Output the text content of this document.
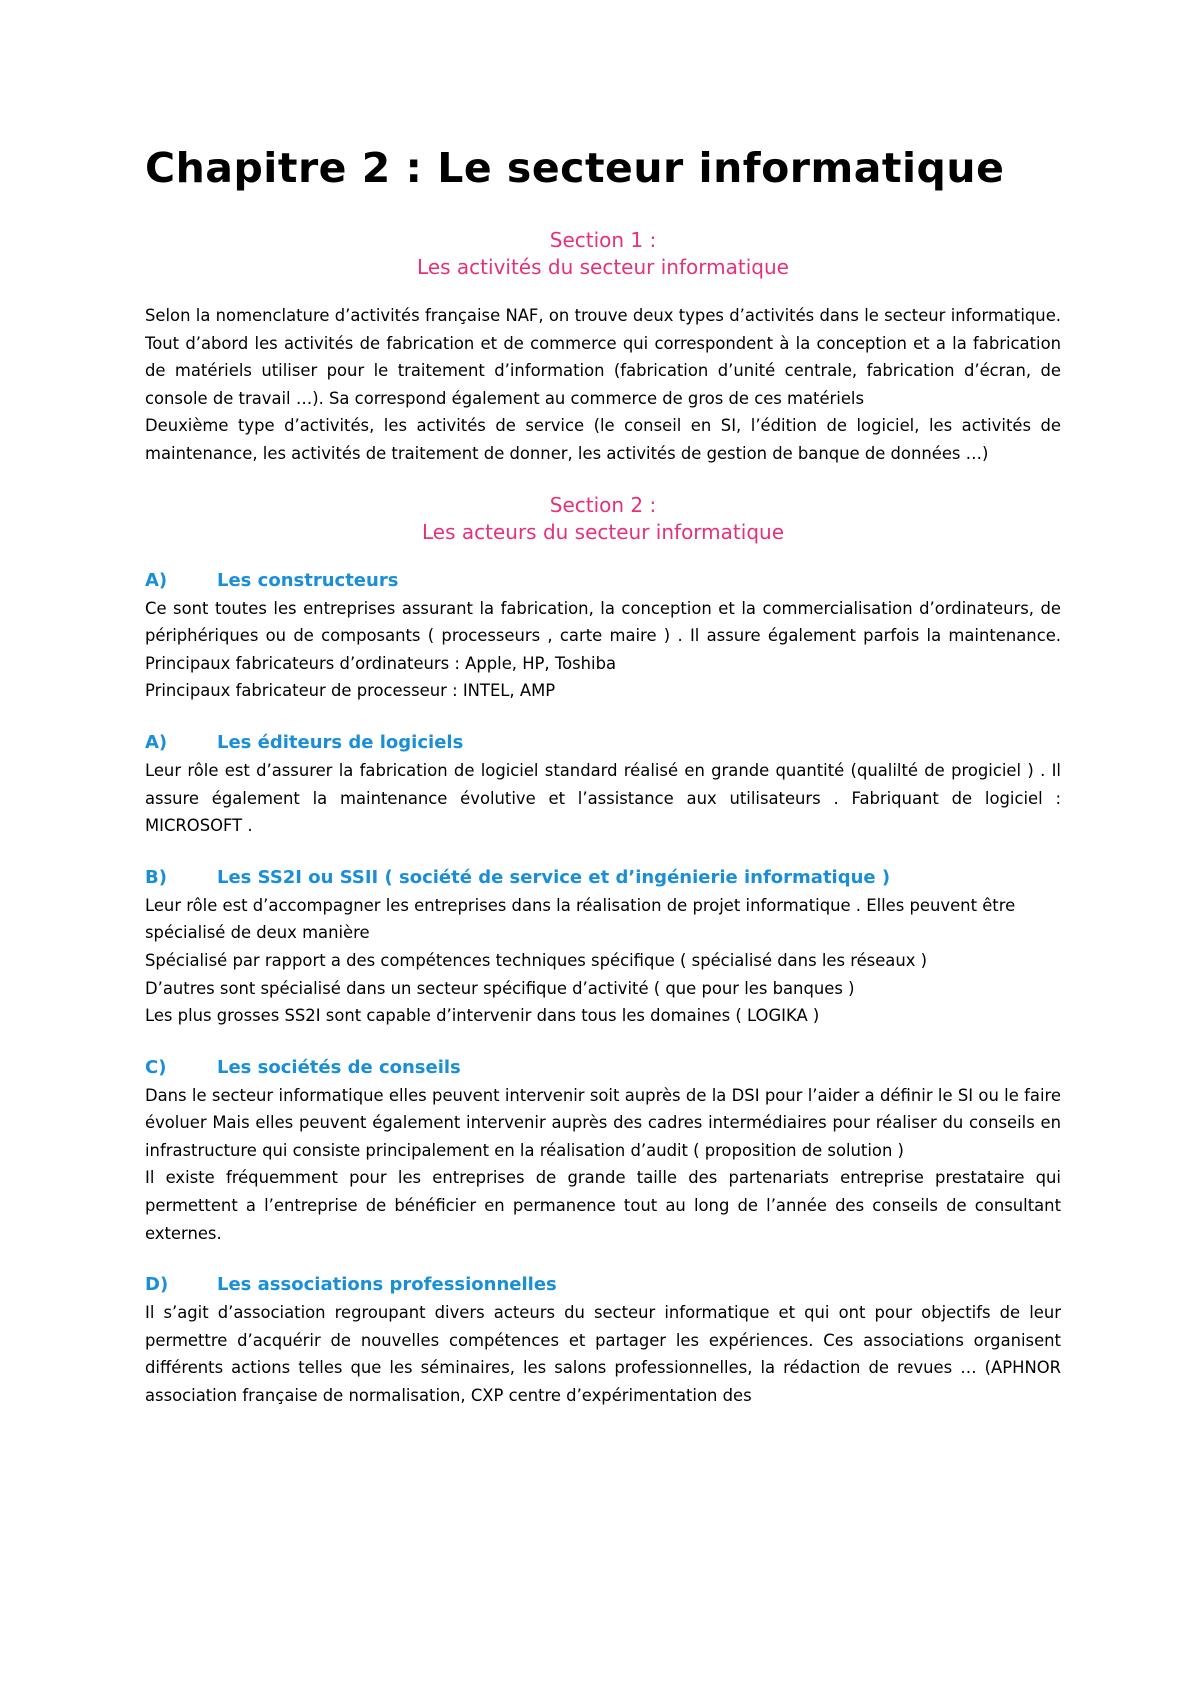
Chapitre 2 : Le secteur informatique
Section 1 :
Les activités du secteur informatique

Selon la nomenclature d’activités française NAF, on trouve deux types d’activités dans le secteur informatique. Tout d’abord les activités de fabrication et de commerce qui correspondent à la conception et a la fabrication de matériels utiliser pour le traitement d’information (fabrication d’unité centrale, fabrication d’écran, de console de travail …). Sa correspond également au commerce de gros de ces matériels

Deuxième type d’activités, les activités de service (le conseil en SI, l’édition de logiciel, les activités de maintenance, les activités de traitement de donner, les activités de gestion de banque de données …)

Section 2 :
Les acteurs du secteur informatique
A)	Les constructeurs

Ce sont toutes les entreprises assurant la fabrication, la conception et la commercialisation d’ordinateurs, de périphériques ou de composants ( processeurs , carte maire ) . Il assure également parfois la maintenance. Principaux fabricateurs d’ordinateurs : Apple, HP, Toshiba

Principaux fabricateur de processeur : INTEL, AMP

A)	Les éditeurs de logiciels

Leur rôle est d’assurer la fabrication de logiciel standard réalisé en grande quantité (qualilté de progiciel ) . Il assure également la maintenance évolutive et l’assistance aux utilisateurs . Fabriquant de logiciel : MICROSOFT .

B)	Les SS2I ou SSII ( société de service et d’ingénierie informatique )

Leur rôle est d’accompagner les entreprises dans la réalisation de projet informatique . Elles peuvent être spécialisé de deux manière

Spécialisé par rapport a des compétences techniques spécifique ( spécialisé dans les réseaux )

D’autres sont spécialisé dans un secteur spécifique d’activité ( que pour les banques )

Les plus grosses SS2I sont capable d’intervenir dans tous les domaines ( LOGIKA )

C)	Les sociétés de conseils

Dans le secteur informatique elles peuvent intervenir soit auprès de la DSI pour l’aider a définir le SI ou le faire évoluer Mais elles peuvent également intervenir auprès des cadres intermédiaires pour réaliser du conseils en infrastructure qui consiste principalement en la réalisation d’audit ( proposition de solution )

Il existe fréquemment pour les entreprises de grande taille des partenariats entreprise prestataire qui permettent a l’entreprise de bénéficier en permanence tout au long de l’année des conseils de consultant externes.

D)	Les associations professionnelles

Il s’agit d’association regroupant divers acteurs du secteur informatique et qui ont pour objectifs de leur permettre d’acquérir de nouvelles compétences et partager les expériences. Ces associations organisent différents actions telles que les séminaires, les salons professionnelles, la rédaction de revues … (APHNOR association française de normalisation, CXP centre d’expérimentation des
